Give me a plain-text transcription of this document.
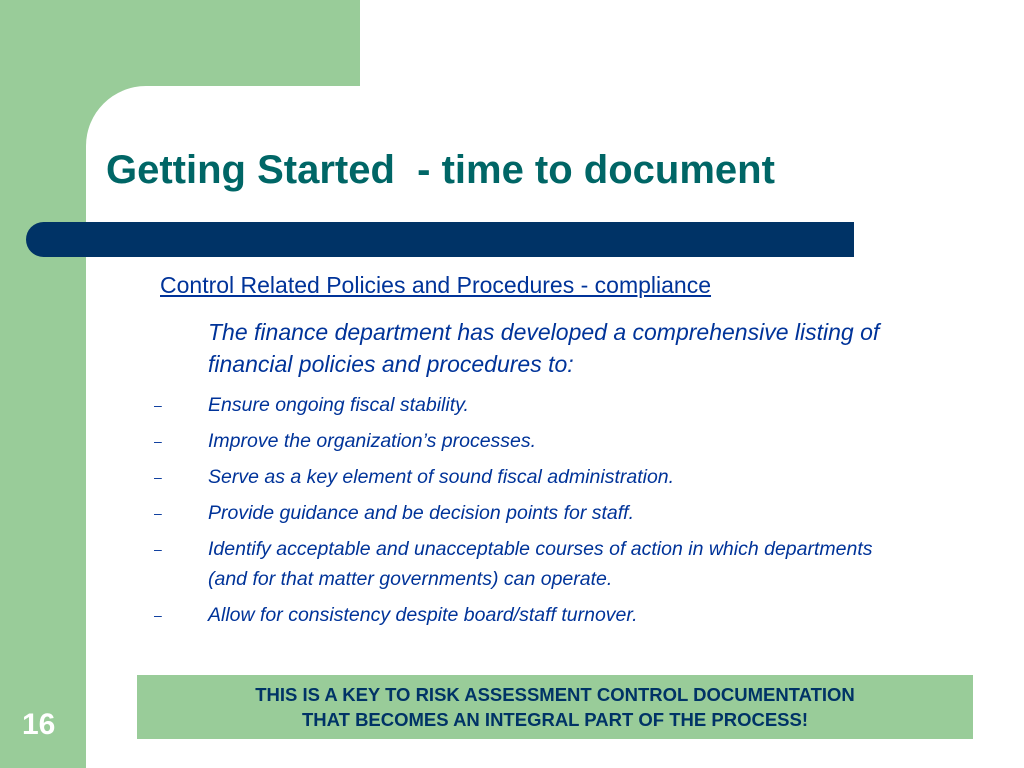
Getting Started  - time to document
Control Related Policies and Procedures - compliance
The finance department has developed a comprehensive listing of financial policies and procedures to:
– Ensure ongoing fiscal stability.
– Improve the organization’s processes.
– Serve as a key element of sound fiscal administration.
– Provide guidance and be decision points for staff.
– Identify acceptable and unacceptable courses of action in which departments (and for that matter governments) can operate.
– Allow for consistency despite board/staff turnover.
THIS IS A KEY TO RISK ASSESSMENT CONTROL DOCUMENTATION
THAT BECOMES AN INTEGRAL PART OF THE PROCESS!
16
